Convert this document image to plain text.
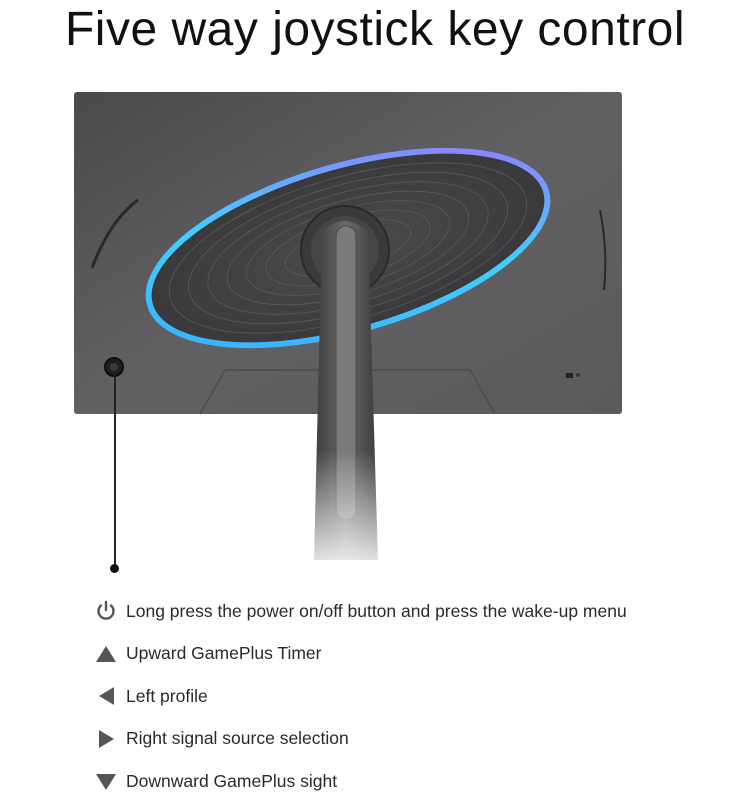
Five way joystick key control
Long press the power on/off button and press the wake-up menu
Upward GamePlus Timer
Left profile
Right signal source selection
Downward GamePlus sight
